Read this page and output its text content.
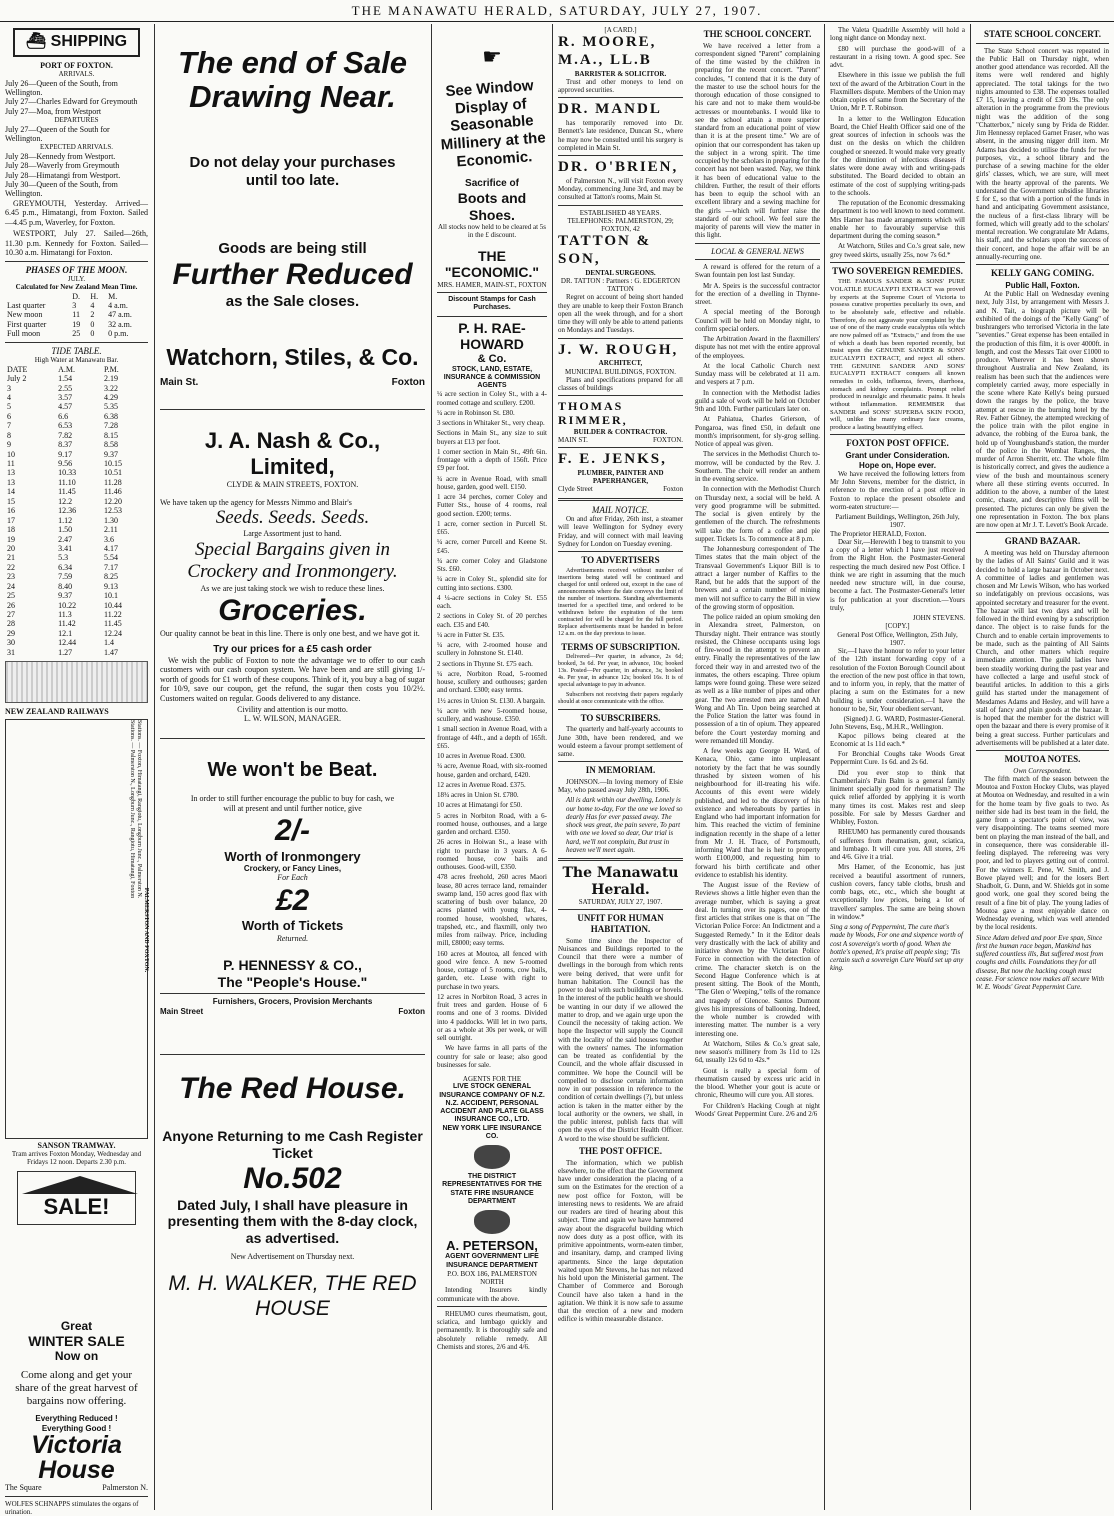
THE MANAWATU HERALD, SATURDAY, JULY 27, 1907.
⛴ SHIPPING
PORT OF FOXTON.
ARRIVALS.
July 26—Queen of the South, from Wellington.
July 27—Charles Edward for Greymouth
July 27—Moa, from Westport
DEPARTURES
July 27—Queen of the South for Wellington.
EXPECTED ARRIVALS.
July 28—Kennedy from Westport.
July 28—Waverly from Greymouth
July 28—Himatangi from Westport.
July 30—Queen of the South, from Wellington.
GREYMOUTH, Yesterday. Arrived—6.45 p.m., Himatangi, from Foxton. Sailed—4.45 p.m, Waverley, for Foxton.
WESTPORT, July 27. Sailed—26th, 11.30 p.m. Kennedy for Foxton. Sailed—10.30 a.m. Himatangi for Foxton.
PHASES OF THE MOON.
JULY.
Calculated for New Zealand Mean Time.
	D.	H.	M.
Last quarter	3	4	4 a.m.
New moon	11	2	47 a.m.
First quarter	19	0	32 a.m.
Full moon	25	0	0 p.m.
TIDE TABLE.
High Water at Manawatu Bar.
DATE	A.M.	P.M.
July 2	1.54	2.19
3	2.55	3.22
4	3.57	4.29
5	4.57	5.35
6	6.6	6.38
7	6.53	7.28
8	7.82	8.15
9	8.37	8.58
10	9.17	9.37
11	9.56	10.15
13	10.33	10.51
13	11.10	11.28
14	11.45	11.46
15	12.2	12.20
16	12.36	12.53
17	1.12	1.30
18	1.50	2.11
19	2.47	3.6
20	3.41	4.17
21	5.3	5.54
22	6.34	7.17
23	7.59	8.25
24	8.40	9.13
25	9.37	10.1
26	10.22	10.44
27	11.3	11.22
28	11.42	11.45
29	12.1	12.24
30	12.44	1.4
31	1.27	1.47
NEW ZEALAND RAILWAYS
PALMERSTON AND FOXTON.
Stations. — Foxton, Himatangi, Rangiotu, Longburn Junc., Palmerston N.
Stations. — Palmerston N., Longburn Junc., Rangiotu, Himatangi, Foxton
SANSON TRAMWAY.
Tram arrives Foxton Monday, Wednesday and Fridays 12 noon. Departs 2.30 p.m.
SALE!
Great
WINTER SALE
Now on
Come along and get your share of the great harvest of bargains now offering.
Everything Reduced !
Everything Good !
Victoria
House
The Square	Palmerston N.
WOLFES SCHNAPPS stimulates the organs of urination.
The end of Sale
Drawing Near.
Do not delay your purchases until too late.
Goods are being still
Further Reduced
as the Sale closes.
Watchorn, Stiles, & Co.
Main St.	Foxton
J. A. Nash & Co., Limited,
CLYDE & MAIN STREETS, FOXTON.
We have taken up the agency for Messrs Nimmo and Blair's
Seeds. Seeds. Seeds.
Large Assortment just to hand.
Special Bargains given in Crockery and Ironmongery.
As we are just taking stock we wish to reduce these lines.
Groceries.
Our quality cannot be beat in this line. There is only one best, and we have got it.
Try our prices for a £5 cash order
We wish the public of Foxton to note the advantage we to offer to our cash customers with our cash coupon system. We have been and are still giving 1/- worth of goods for £1 worth of these coupons. Think of it, you buy a bag of sugar for 10/9, save our coupon, get the refund, the sugar then costs you 10/2½. Customers waited on regular. Goods delivered to any distance.
Civility and attention is our motto.
L. W. WILSON, MANAGER.
We won't be Beat.
In order to still further encourage the public to buy for cash, we will at present and until further notice, give
2/-
Worth of Ironmongery
Crockery, or Fancy Lines,
For Each
£2
Worth of Tickets
Returned.
P. HENNESSY & CO.,
The "People's House."
Furnishers, Grocers, Provision Merchants
Main Street	Foxton
The Red House.
Anyone Returning to me Cash Register Ticket
No.502
Dated July, I shall have pleasure in presenting them with the 8-day clock, as advertised.
New Advertisement on Thursday next.
M. H. WALKER, THE RED HOUSE
☛
See Window Display of Seasonable Millinery at the Economic.
Sacrifice of
Boots and Shoes.
All stocks now held to be cleared at 5s in the £ discount.
THE "ECONOMIC."
MRS. HAMER, MAIN-ST., FOXTON
Discount Stamps for Cash Purchases.
P. H. RAE-HOWARD
& Co.
STOCK, LAND, ESTATE, INSURANCE & COMMISSION AGENTS
¼ acre section in Coley St., with a 4-roomed cottage and scullery. £200.
¼ acre in Robinson St. £80.
3 sections in Whitaker St., very cheap.
Sections in Main St., any size to suit buyers at £13 per foot.
1 corner section in Main St., 49ft 6in. frontage with a depth of 156ft. Price £9 per foot.
¾ acre in Avenue Road, with small house, garden, good well. £150.
1 acre 34 perches, corner Coley and Futter Sts., house of 4 rooms, real good section. £200; terms.
1 acre, corner section in Purcell St. £65.
¼ acre, corner Purcell and Keene St. £45.
¾ acre corner Coley and Gladstone Sts. £60.
¼ acre in Coley St., splendid site for cutting into sections. £300.
4 ¼-acre sections in Coley St. £55 each.
2 sections in Coley St. of 20 perches each. £35 and £40.
¼ acre in Futter St. £35.
¼ acre, with 2-roomed house and scullery in Johnstone St. £140.
2 sections in Thynne St. £75 each.
¼ acre, Norbiton Road, 5-roomed house, scullery and outhouses; garden and orchard. £300; easy terms.
1½ acres in Union St. £130. A bargain.
¼ acre with new 5-roomed house, scullery, and washouse. £350.
1 small section in Avenue Road, with a frontage of 44ft., and a depth of 165ft. £65.
10 acres in Avenue Road. £300.
¾ acre, Avenue Road, with six-roomed house, garden and orchard, £420.
12 acres in Avenue Road. £375.
18¾ acres in Union St. £780.
10 acres at Himatangi for £50.
5 acres in Norbiton Road, with a 6-roomed house, outhouses, and a large garden and orchard. £350.
26 acres in Hoiwan St., a lease with right to purchase in 3 years. A 6-roomed house, cow bails and outhouses. Good-will, £350.
478 acres freehold, 260 acres Maori lease, 80 acres terrace land, remainder swamp land, 150 acres good flax with scattering of bush over balance, 20 acres planted with young flax, 4-roomed house, woolshed, whares, trapshed, etc., and flaxmill, only two miles from railway. Price, including mill, £8000; easy terms.
160 acres at Moutoa, all fenced with good wire fence. A new 5-roomed house, cottage of 5 rooms, cow bails, garden, etc. Lease with right to purchase in two years.
12 acres in Norbiton Road, 3 acres in fruit trees and garden. House of 6 rooms and one of 3 rooms. Divided into 4 paddocks. Will let in two parts, or as a whole at 30s per week, or will sell outright.
We have farms in all parts of the country for sale or lease; also good businesses for sale.
AGENTS FOR THE
LIVE STOCK GENERAL INSURANCE COMPANY OF N.Z.
N.Z. ACCIDENT, PERSONAL ACCIDENT AND PLATE GLASS INSURANCE CO., LTD.
NEW YORK LIFE INSURANCE CO.
THE DISTRICT REPRESENTATIVES FOR THE STATE FIRE INSURANCE DEPARTMENT
A. PETERSON,
AGENT GOVERNMENT LIFE INSURANCE DEPARTMENT
P.O. BOX 186, PALMERSTON NORTH
Intending Insurers kindly communicate with the above.
RHEUMO cures rheumatism, gout, sciatica, and lumbago quickly and permanently. It is thoroughly safe and absolutely reliable remedy. All Chemists and stores, 2/6 and 4/6.
[A CARD.]
R. MOORE, M.A., LL.B
BARRISTER & SOLICITOR.
Trust and other moneys to lend on approved securities.
DR. MANDL
has temporarily removed into Dr. Bennett's late residence, Duncan St., where he may now be consulted until his surgery is completed in Main St.
DR. O'BRIEN,
of Palmerston N., will visit Foxton every Monday, commencing June 3rd, and may be consulted at Tatton's rooms, Main St.
ESTABLISHED 48 YEARS.
TELEPHONES: PALMERSTON, 29; FOXTON, 42
TATTON & SON,
DENTAL SURGEONS.
DR. TATTON : Partners : G. EDGERTON TATTON
Regret on account of being short handed they are unable to keep their Foxton Branch open all the week through, and for a short time they will only be able to attend patients on Mondays and Tuesdays.
J. W. ROUGH,
ARCHITECT,
MUNICIPAL BUILDINGS, FOXTON.
Plans and specifications prepared for all classes of buildings
THOMAS RIMMER,
BUILDER & CONTRACTOR.
MAIN ST.	FOXTON.
F. E. JENKS,
PLUMBER, PAINTER AND PAPERHANGER,
Clyde Street	Foxton
MAIL NOTICE.
On and after Friday, 26th inst, a steamer will leave Wellington for Sydney every Friday, and will connect with mail leaving Sydney for London on Tuesday evening.
TO ADVERTISERS
Advertisements received without number of insertions being stated will be continued and charged for until ordered out, except in the case of announcements where the date conveys the limit of the number of insertions. Standing advertisements inserted for a specified time, and ordered to be withdrawn before the expiration of the term contracted for will be charged for the full period. Replace advertisements must be handed in before 12 a.m. on the day previous to issue.
TERMS OF SUBSCRIPTION.
Delivered—Per quarter, in advance, 2s 6d; booked, 3s 6d. Per year, in advance, 10s; booked 13s. Posted—Per quarter, in advance, 3s; booked 4s. Per year, in advance 12s; booked 16s. It is of special advantage to pay in advance.
Subscribers not receiving their papers regularly should at once communicate with the office.
TO SUBSCRIBERS.
The quarterly and half-yearly accounts to June 30th, have been rendered, and we would esteem a favour prompt settlement of same.
IN MEMORIAM.
JOHNSON.—In loving memory of Elsie May, who passed away July 28th, 1906.
All is dark within our dwelling, Lonely is our home to-day, For the one we loved so dearly Has for ever passed away. The shock was great, the pain severe, To part with one we loved so dear, Our trial is hard, we'll not complain, But trust in heaven we'll meet again.
The Manawatu Herald.
SATURDAY, JULY 27, 1907.
UNFIT FOR HUMAN HABITATION.
Some time since the Inspector of Nuisances and Buildings reported to the Council that there were a number of dwellings in the borough from which rents were being derived, that were unfit for human habitation. The Council has the power to deal with such buildings or hovels. In the interest of the public health we should be wanting in our duty if we allowed the matter to drop, and we again urge upon the Council the necessity of taking action. We hope the Inspector will supply the Council with the locality of the said houses together with the owners' names. The information can be treated as confidential by the Council, and the whole affair discussed in committee. We hope the Council will be compelled to disclose certain information now in our possession in reference to the condition of certain dwellings (?), but unless action is taken in the matter either by the local authority or the owners, we shall, in the public interest, publish facts that will open the eyes of the District Health Officer. A word to the wise should be sufficient.
THE POST OFFICE.
The information, which we publish elsewhere, to the effect that the Government have under consideration the placing of a sum on the Estimates for the erection of a new post office for Foxton, will be interesting news to residents. We are afraid our readers are tired of hearing about this subject. Time and again we have hammered away about the disgraceful building which now does duty as a post office, with its primitive appointments, worm-eaten timber, and insanitary, damp, and cramped living apartments. Since the large deputation waited upon Mr Stevens, he has not relaxed his hold upon the Ministerial garment. The Chamber of Commerce and Borough Council have also taken a hand in the agitation. We think it is now safe to assume that the erection of a new and modern edifice is within measurable distance.
THE SCHOOL CONCERT.
We have received a letter from a correspondent signed "Parent" complaining of the time wasted by the children in preparing for the recent concert. "Parent" concludes, "I contend that it is the duty of the master to use the school hours for the thorough education of those consigned to his care and not to make them would-be actresses or mountebanks. I would like to see the school attain a more superior standard from an educational point of view than it is at the present time." We are of opinion that our correspondent has taken up the subject in a wrong spirit. The time occupied by the scholars in preparing for the concert has not been wasted. Nay, we think it has been of educational value to the children. Further, the result of their efforts has been to equip the school with an excellent library and a sewing machine for the girls —which will further raise the standard of our school. We feel sure the majority of parents will view the matter in this light.
LOCAL & GENERAL NEWS
A reward is offered for the return of a Swan fountain pen lost last Sunday.
Mr A. Speirs is the successful contractor for the erection of a dwelling in Thynne-street.
A special meeting of the Borough Council will be held on Monday night, to confirm special orders.
The Arbitration Award in the flaxmillers' dispute has not met with the entire approval of the employees.
At the local Catholic Church next Sunday mass will be celebrated at 11 a.m. and vespers at 7 p.m.
In connection with the Methodist ladies guild a sale of work will be held on October 9th and 10th. Further particulars later on.
At Pahiatua, Charles Grierson, of Pongaroa, was fined £50, in default one month's imprisonment, for sly-grog selling. Notice of appeal was given.
The services in the Methodist Church to-morrow, will be conducted by the Rev. J. Southern. The choir will render an anthem in the evening service.
In connection with the Methodist Church on Thursday next, a social will be held. A very good programme will be submitted. The social is given entirely by the gentlemen of the church. The refreshments will take the form of a coffee and pie supper. Tickets 1s. To commence at 8 p.m.
The Johannesburg correspondent of The Times states that the main object of the Transvaal Government's Liquor Bill is to attract a larger number of Kaffirs to the Rand, but he adds that the support of the brewers and a certain number of mining men will not suffice to carry the Bill in view of the growing storm of opposition.
The police raided an opium smoking den in Alexandra street, Palmerston, on Thursday night. Their entrance was stoutly resisted, the Chinese occupants using logs of fire-wood in the attempt to prevent an entry. Finally the representatives of the law forced their way in and arrested two of the inmates, the others escaping. Three opium lamps were found going. These were seized as well as a like number of pipes and other gear. The two arrested men are named Ah Wong and Ah Tin. Upon being searched at the Police Station the latter was found in possession of a tin of opium. They appeared before the Court yesterday morning and were remanded till Monday.
A few weeks ago George H. Ward, of Kenaca, Ohio, came into unpleasant notoriety by the fact that he was soundly thrashed by sixteen women of his neighbourhood for ill-treating his wife. Accounts of this event were widely published, and led to the discovery of his existence and whereabouts by parties in England who had important information for him. This reached the victim of feminine indignation recently in the shape of a letter from Mr J. H. Trace, of Portsmouth, informing Ward that he is heir to property worth £100,000, and requesting him to forward his birth certificate and other evidence to establish his identity.
The August issue of the Review of Reviews shows a little higher even than the average number, which is saying a great deal. In turning over its pages, one of the first articles that strikes one is that on "The Victorian Police Force: An Indictment and a Suggested Remedy." In it the Editor deals very drastically with the lack of ability and initiative shown by the Victorian Police Force in connection with the detection of crime. The character sketch is on the Second Hague Conference which is at present sitting. The Book of the Month, "The Glen o' Weeping," tells of the romance and tragedy of Glencoe. Santos Dumont gives his impressions of ballooning. Indeed, the whole number is crowded with interesting matter. The number is a very interesting one.
At Watchorn, Stiles & Co.'s great sale, new season's millinery from 3s 11d to 12s 6d, usually 12s 6d to 42s.*
Gout is really a special form of rheumatism caused by excess uric acid in the blood. Whether your gout is acute or chronic, Rheumo will cure you. All stores.
For Children's Hacking Cough at night Woods' Great Peppermint Cure. 2/6 and 2/6
The Valeta Quadrille Assembly will hold a long night dance on Monday next.
£80 will purchase the good-will of a restaurant in a rising town. A good spec. See advt.
Elsewhere in this issue we publish the full text of the award of the Arbitration Court in the Flaxmillers dispute. Members of the Union may obtain copies of same from the Secretary of the Union, Mr P. T. Robinson.
In a letter to the Wellington Education Board, the Chief Health Officer said one of the great sources of infection in schools was the dust on the desks on which the children coughed or sneezed. It would make very greatly for the diminution of infectious diseases if slates were done away with and writing-pads substituted. The Board decided to obtain an estimate of the cost of supplying writing-pads to the schools.
The reputation of the Economic dressmaking department is too well known to need comment. Mrs Hamer has made arrangements which will enable her to favourably supervise this department during the coming season.*
At Watchorn, Stiles and Co.'s great sale, new grey tweed skirts, usually 25s, now 7s 6d.*
TWO SOVEREIGN REMEDIES.
THE FAMOUS SANDER & SONS' PURE VOLATILE EUCALYPTI EXTRACT was proved by experts at the Supreme Court of Victoria to possess curative properties peculiarly its own, and to be absolutely safe, effective and reliable. Therefore, do not aggravate your complaint by the use of one of the many crude eucalyptus oils which are now palmed off as "Extracts," and from the use of which a death has been reported recently, but insist upon the GENUINE SANDER & SONS' EUCALYPTI EXTRACT, and reject all others. THE GENUINE SANDER AND SONS' EUCALYPTI EXTRACT conquers all known remedies in colds, influenza, fevers, diarrhoea, stomach and kidney complaints. Prompt relief produced in neuralgic and rheumatic pains. It heals without inflammation. REMEMBER that SANDER and SONS' SUPERBA SKIN FOOD, will, unlike the many ordinary face creams, produce a lasting beautifying effect.
FOXTON POST OFFICE.
Grant under Consideration.
Hope on, Hope ever.
We have received the following letters from Mr John Stevens, member for the district, in reference to the erection of a post office in Foxton to replace the present obsolete and worm-eaten structure:—
Parliament Buildings, Wellington, 26th July, 1907.
The Proprietor HERALD, Foxton.
Dear Sir,—Herewith I beg to transmit to you a copy of a letter which I have just received from the Right Hon. the Postmaster-General respecting the much desired new Post Office. I think we are right in assuming that the much needed new structure will, in due course, become a fact. The Postmaster-General's letter is for publication at your discretion.—Yours truly,
JOHN STEVENS.
[COPY.]
General Post Office, Wellington, 25th July, 1907.
Sir,—I have the honour to refer to your letter of the 12th instant forwarding copy of a resolution of the Foxton Borough Council about the erection of the new post office in that town, and to inform you, in reply, that the matter of placing a sum on the Estimates for a new building is under consideration.—I have the honour to be, Sir, Your obedient servant,
(Signed) J. G. WARD, Postmaster-General.
John Stevens, Esq., M.H.R., Wellington.
Kapoc pillows being cleared at the Economic at 1s 11d each.*
For Bronchial Coughs take Woods Great Peppermint Cure. 1s 6d. and 2s 6d.
Did you ever stop to think that Chamberlain's Pain Balm is a general family liniment specially good for rheumatism? The quick relief afforded by applying it is worth many times its cost. Makes rest and sleep possible. For sale by Messrs Gardner and Whibley, Foxton.
RHEUMO has permanently cured thousands of sufferers from rheumatism, gout, sciatica, and lumbago. It will cure you. All stores, 2/6 and 4/6. Give it a trial.
Mrs Hamer, of the Economic, has just received a beautiful assortment of runners, cushion covers, fancy table cloths, brush and comb bags, etc., etc., which she bought at exceptionally low prices, being a lot of travellers' samples. The same are being shown in window.*
Sing a song of Peppermint, The cure that's made by Woods, For one and sixpence worth of cost A sovereign's worth of good. When the bottle's opened, It's praise all people sing; 'Tis certain such a sovereign Cure Would set up any king.
STATE SCHOOL CONCERT.
The State School concert was repeated in the Public Hall on Thursday night, when another good attendance was recorded. All the items were well rendered and highly appreciated. The total takings for the two nights amounted to £38. The expenses totalled £7 15, leaving a credit of £30 19s. The only alteration in the programme from the previous night was the addition of the song "Chatterbox," nicely sung by Frida de Ridder. Jim Hennessy replaced Garnet Fraser, who was absent, in the amusing nigger drill item. Mr Adams has decided to utilise the funds for two purposes, viz., a school library and the purchase of a sewing machine for the elder girls' classes, which, we are sure, will meet with the hearty approval of the parents. We understand the Government subsidise libraries £ for £, so that with a portion of the funds in hand and anticipating Government assistance, the nucleus of a first-class library will be formed, which will greatly add to the scholars' mental recreation. We congratulate Mr Adams, his staff, and the scholars upon the success of their concert, and hope the affair will be an annually-recurring one.
KELLY GANG COMING.
Public Hall, Foxton.
At the Public Hall on Wednesday evening next, July 31st, by arrangement with Messrs J. and N. Tait, a biograph picture will be exhibited of the doings of the "Kelly Gang" of bushrangers who terrorised Victoria in the late "seventies." Great expense has been entailed in the production of this film, it is over 4000ft. in length, and cost the Messrs Tait over £1000 to produce. Wherever it has been shown throughout Australia and New Zealand, its realism has been such that the audiences were completely carried away, more especially in the scene where Kate Kelly's being pursued down the ranges by the police, the brave attempt at rescue in the burning hotel by the Rev. Father Gibney, the attempted wrecking of the police train with the pilot engine in advance, the robbing of the Euroa bank, the hold up of Younghusband's station, the murder of the police in the Wombat Ranges, the murder of Arron Sherritt, etc. The whole film is historically correct, and gives the audience a view of the bush and mountainous scenery where all these stirring events occurred. In addition to the above, a number of the latest comic, chaste, and descriptive films will be presented. The pictures can only be given the one representation in Foxton. The box plans are now open at Mr J. T. Levett's Book Arcade.
GRAND BAZAAR.
A meeting was held on Thursday afternoon by the ladies of All Saints' Guild and it was decided to hold a large bazaar in October next. A committee of ladies and gentlemen was chosen and Mr Lewis Wilson, who has worked so indefatigably on previous occasions, was appointed secretary and treasurer for the event. The bazaar will last two days and will be followed in the third evening by a subscription dance. The object is to raise funds for the Church and to enable certain improvements to be made, such as the painting of All Saints Church, and other matters which require immediate attention. The guild ladies have been steadily working during the past year and have collected a large and useful stock of beautiful articles. In addition to this a girls guild has started under the management of Mesdames Adams and Hesley, and will have a stall of fancy and plain goods at the bazaar. It is hoped that the member for the district will open the bazaar and there is every promise of it being a great success. Further particulars and advertisements will be published at a later date.
MOUTOA NOTES.
Own Correspondent.
The fifth match of the season between the Moutoa and Foxton Hockey Clubs, was played at Moutoa on Wednesday, and resulted in a win for the home team by five goals to two. As neither side had its best team in the field, the game from a spectator's point of view, was very disappointing. The teams seemed more bent on playing the man instead of the ball, and in consequence, there was considerable ill-feeling displayed. The refereeing was very poor, and led to players getting out of control. For the winners E. Pene, W. Smith, and J. Bowe played well; and for the losers Bert Shadbolt, G. Dunn, and W. Shields got in some good work, one goal they scored being the result of a fine bit of play. The young ladies of Moutoa gave a most enjoyable dance on Wednesday evening, which was well attended by the local residents.
Since Adam delved and poor Eve span, Since first the human race began, Mankind has suffered countless ills, But suffered most from coughs and chills. Foundations they for all disease, But now the hacking cough must cease. For science now makes all secure With W. E. Woods' Great Peppermint Cure.
